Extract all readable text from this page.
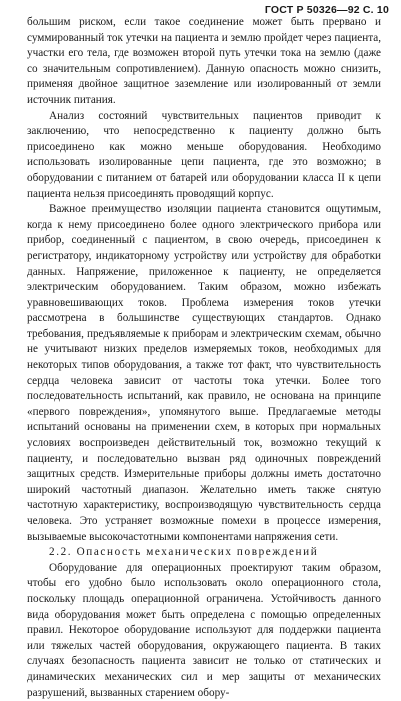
ГОСТ Р 50326—92 С. 10

большим риском, если такое соединение может быть прервано и суммированный ток утечки на пациента и землю пройдет через пациента, участки его тела, где возможен второй путь утечки тока на землю (даже со значительным сопротивлением). Данную опасность можно снизить, применяя двойное защитное заземление или изолированный от земли источник питания.

Анализ состояний чувствительных пациентов приводит к заключению, что непосредственно к пациенту должно быть присоединено как можно меньше оборудования. Необходимо использовать изолированные цепи пациента, где это возможно; в оборудовании с питанием от батарей или оборудовании класса II к цепи пациента нельзя присоединять проводящий корпус.

Важное преимущество изоляции пациента становится ощутимым, когда к нему присоединено более одного электрического прибора или прибор, соединенный с пациентом, в свою очередь, присоединен к регистратору, индикаторному устройству или устройству для обработки данных. Напряжение, приложенное к пациенту, не определяется электрическим оборудованием. Таким образом, можно избежать уравновешивающих токов. Проблема измерения токов утечки рассмотрена в большинстве существующих стандартов. Однако требования, предъявляемые к приборам и электрическим схемам, обычно не учитывают низких пределов измеряемых токов, необходимых для некоторых типов оборудования, а также тот факт, что чувствительность сердца человека зависит от частоты тока утечки. Более того последовательность испытаний, как правило, не основана на принципе «первого повреждения», упомянутого выше. Предлагаемые методы испытаний основаны на применении схем, в которых при нормальных условиях воспроизведен действительный ток, возможно текущий к пациенту, и последовательно вызван ряд одиночных повреждений защитных средств. Измерительные приборы должны иметь достаточно широкий частотный диапазон. Желательно иметь также снятую частотную характеристику, воспроизводящую чувствительность сердца человека. Это устраняет возможные помехи в процессе измерения, вызываемые высокочастотными компонентами напряжения сети.

2.2. Опасность механических повреждений

Оборудование для операционных проектируют таким образом, чтобы его удобно было использовать около операционного стола, поскольку площадь операционной ограничена. Устойчивость данного вида оборудования может быть определена с помощью определенных правил. Некоторое оборудование используют для поддержки пациента или тяжелых частей оборудования, окружающего пациента. В таких случаях безопасность пациента зависит не только от статических и динамических механических сил и мер защиты от механических разрушений, вызванных старением обору-
